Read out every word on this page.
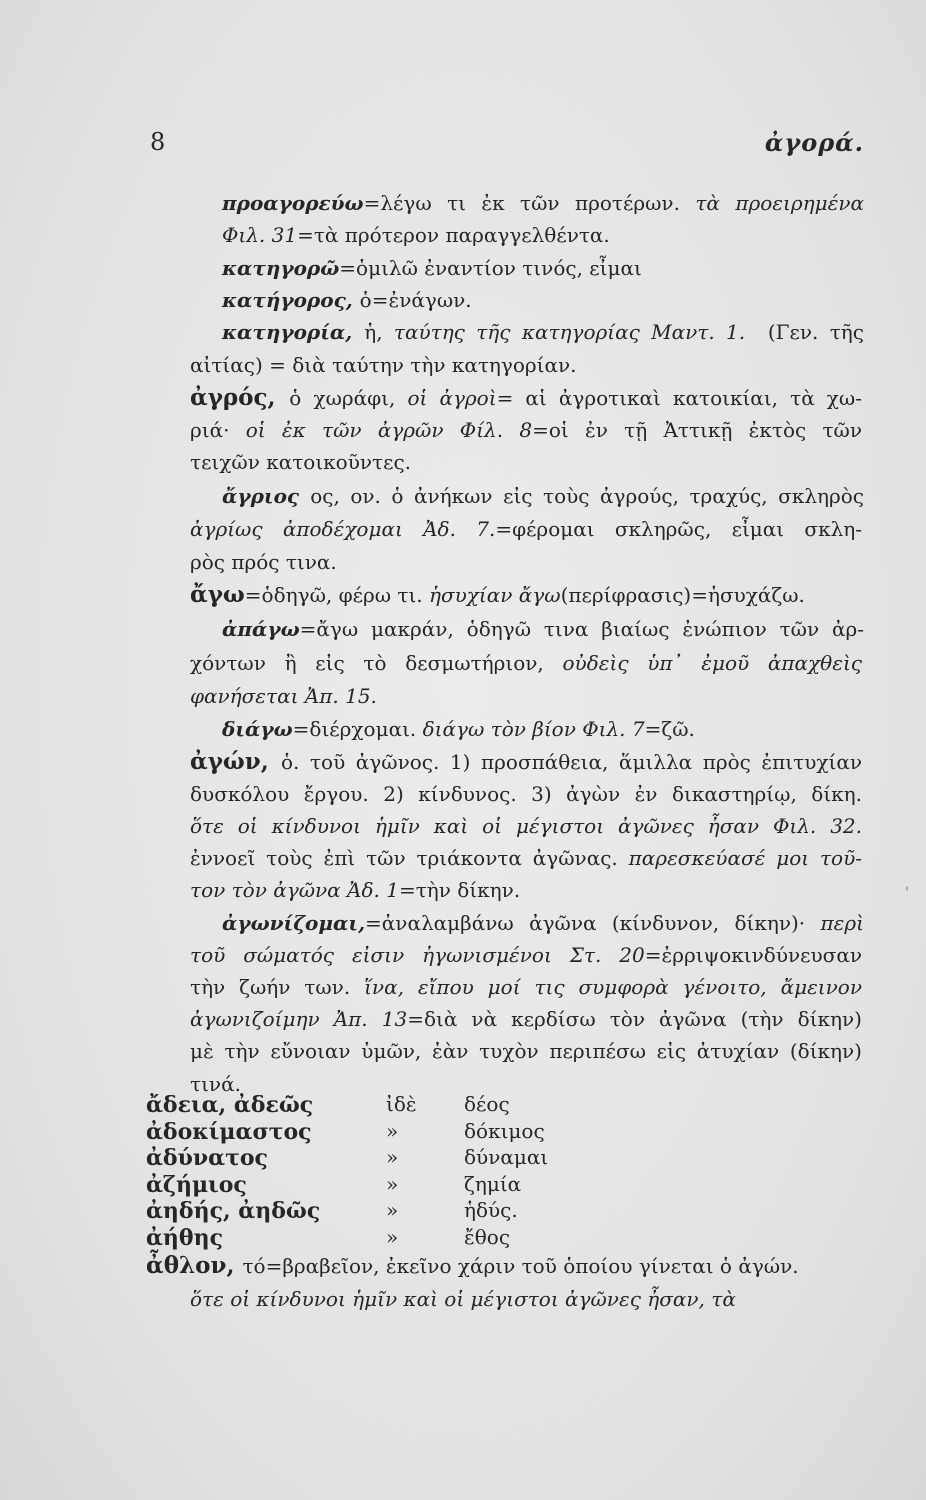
8	ἀγορά.
προαγορεύω=λέγω τι ἐκ τῶν προτέρων. τὰ προειρημένα
Φιλ. 31=τὰ πρότερον παραγγελθέντα.
κατηγορῶ=ὁμιλῶ ἐναντίον τινός, εἶμαι
κατήγορος, ὁ=ἐνάγων.
κατηγορία, ἡ, ταύτης τῆς κατηγορίας Μαντ. 1.  (Γεν. τῆς
αἰτίας) = διὰ ταύτην τὴν κατηγορίαν.
ἀγρός, ὁ χωράφι, οἱ ἀγροὶ= αἱ ἀγροτικαὶ κατοικίαι, τὰ χω-
ριά· οἱ ἐκ τῶν ἀγρῶν Φίλ. 8=οἱ ἐν τῇ Ἀττικῇ ἐκτὸς τῶν
τειχῶν κατοικοῦντες.
ἄγριος ος, ον. ὁ ἀνήκων εἰς τοὺς ἀγρούς, τραχύς, σκληρὸς
ἀγρίως ἀποδέχομαι Ἀδ. 7.=φέρομαι σκληρῶς, εἶμαι σκλη-
ρὸς πρός τινα.
ἄγω=ὁδηγῶ, φέρω τι. ἡσυχίαν ἄγω(περίφρασις)=ἡσυχάζω.
ἀπάγω=ἄγω μακράν, ὁδηγῶ τινα βιαίως ἐνώπιον τῶν ἀρ-
χόντων ἢ εἰς τὸ δεσμωτήριον, οὐδεὶς ὑπ᾽ ἐμοῦ ἀπαχθεὶς
φανήσεται Ἀπ. 15.
διάγω=διέρχομαι. διάγω τὸν βίον Φιλ. 7=ζῶ.
ἀγών, ὁ. τοῦ ἀγῶνος. 1) προσπάθεια, ἅμιλλα πρὸς ἐπιτυχίαν
δυσκόλου ἔργου. 2) κίνδυνος. 3) ἀγὼν ἐν δικαστηρίῳ, δίκη.
ὅτε οἱ κίνδυνοι ἡμῖν καὶ οἱ μέγιστοι ἀγῶνες ἦσαν Φιλ. 32.
ἐννοεῖ τοὺς ἐπὶ τῶν τριάκοντα ἀγῶνας. παρεσκεύασέ μοι τοῦ-
τον τὸν ἀγῶνα Ἀδ. 1=τὴν δίκην.
ἀγωνίζομαι,=ἀναλαμβάνω ἀγῶνα (κίνδυνον, δίκην)· περὶ
τοῦ σώματός εἰσιν ἠγωνισμένοι Στ. 20=ἐρριψοκινδύνευσαν
τὴν ζωήν των. ἵνα, εἴπου μοί τις συμφορὰ γένοιτο, ἄμεινον
ἀγωνιζοίμην Ἀπ. 13=διὰ νὰ κερδίσω τὸν ἀγῶνα (τὴν δίκην)
μὲ τὴν εὔνοιαν ὑμῶν, ἐὰν τυχὸν περιπέσω εἰς ἀτυχίαν (δίκην)
τινά.
ἄδεια, ἀδεῶς	ἰδὲ δέος
ἀδοκίμαστος	»	δόκιμος
ἀδύνατος	»	δύναμαι
ἀζήμιος	»	ζημία
ἀηδής, ἀηδῶς	»	ἡδύς.
ἀήθης	»	ἔθος
ἆθλον, τό=βραβεῖον, ἐκεῖνο χάριν τοῦ ὁποίου γίνεται ὁ ἀγών.
ὅτε οἱ κίνδυνοι ἡμῖν καὶ οἱ μέγιστοι ἀγῶνες ἦσαν, τὰ
'
